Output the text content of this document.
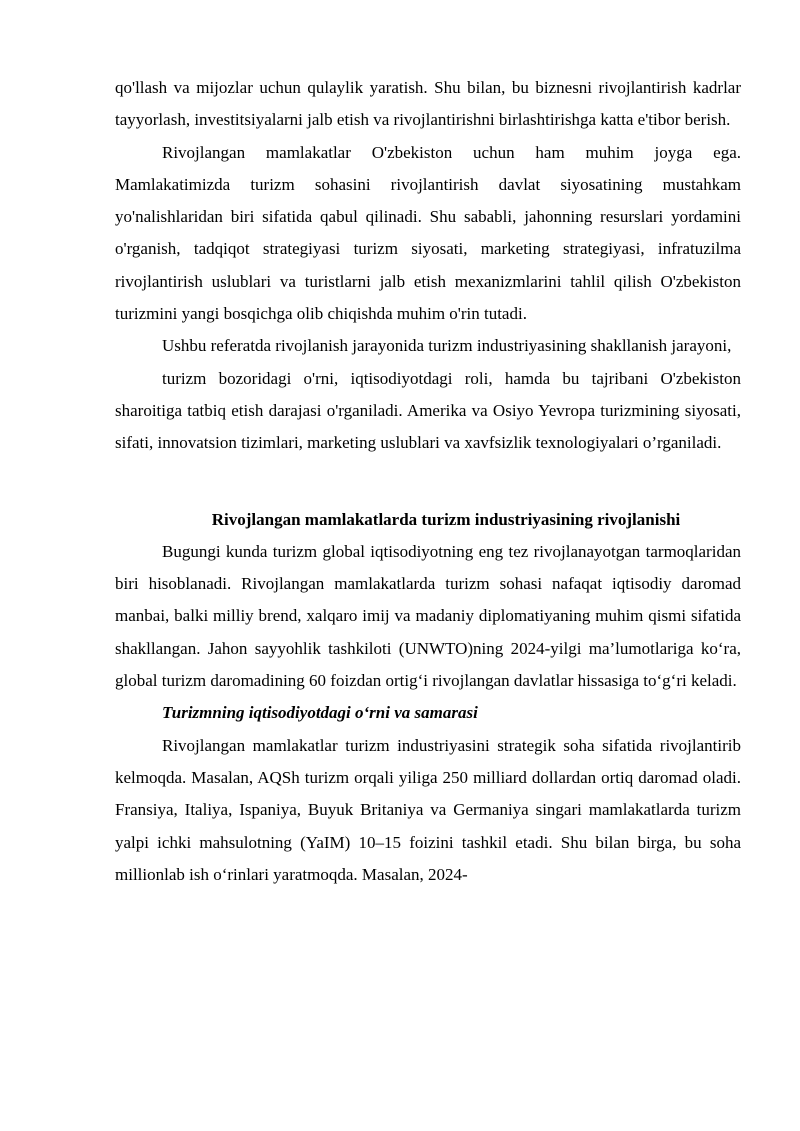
qo'llash va mijozlar uchun qulaylik yaratish. Shu bilan, bu biznesni rivojlantirish kadrlar tayyorlash, investitsiyalarni jalb etish va rivojlantirishni birlashtirishga katta e'tibor berish.

Rivojlangan mamlakatlar O'zbekiston uchun ham muhim joyga ega. Mamlakatimizda turizm sohasini rivojlantirish davlat siyosatining mustahkam yo'nalishlaridan biri sifatida qabul qilinadi. Shu sababli, jahonning resurslari yordamini o'rganish, tadqiqot strategiyasi turizm siyosati, marketing strategiyasi, infratuzilma rivojlantirish uslublari va turistlarni jalb etish mexanizmlarini tahlil qilish O'zbekiston turizmini yangi bosqichga olib chiqishda muhim o'rin tutadi.

Ushbu referatda rivojlanish jarayonida turizm industriyasining shakllanish jarayoni,

turizm bozoridagi o'rni, iqtisodiyotdagi roli, hamda bu tajribani O'zbekiston sharoitiga tatbiq etish darajasi o'rganiladi. Amerika va Osiyo Yevropa turizmining siyosati, sifati, innovatsion tizimlari, marketing uslublari va xavfsizlik texnologiyalari o’rganiladi.

Rivojlangan mamlakatlarda turizm industriyasining rivojlanishi

Bugungi kunda turizm global iqtisodiyotning eng tez rivojlanayotgan tarmoqlaridan biri hisoblanadi. Rivojlangan mamlakatlarda turizm sohasi nafaqat iqtisodiy daromad manbai, balki milliy brend, xalqaro imij va madaniy diplomatiyaning muhim qismi sifatida shakllangan. Jahon sayyohlik tashkiloti (UNWTO)ning 2024-yilgi ma’lumotlariga ko‘ra, global turizm daromadining 60 foizdan ortig‘i rivojlangan davlatlar hissasiga to‘g‘ri keladi.

Turizmning iqtisodiyotdagi o‘rni va samarasi

Rivojlangan mamlakatlar turizm industriyasini strategik soha sifatida rivojlantirib kelmoqda. Masalan, AQSh turizm orqali yiliga 250 milliard dollardan ortiq daromad oladi. Fransiya, Italiya, Ispaniya, Buyuk Britaniya va Germaniya singari mamlakatlarda turizm yalpi ichki mahsulotning (YaIM) 10–15 foizini tashkil etadi. Shu bilan birga, bu soha millionlab ish o‘rinlari yaratmoqda. Masalan, 2024-
